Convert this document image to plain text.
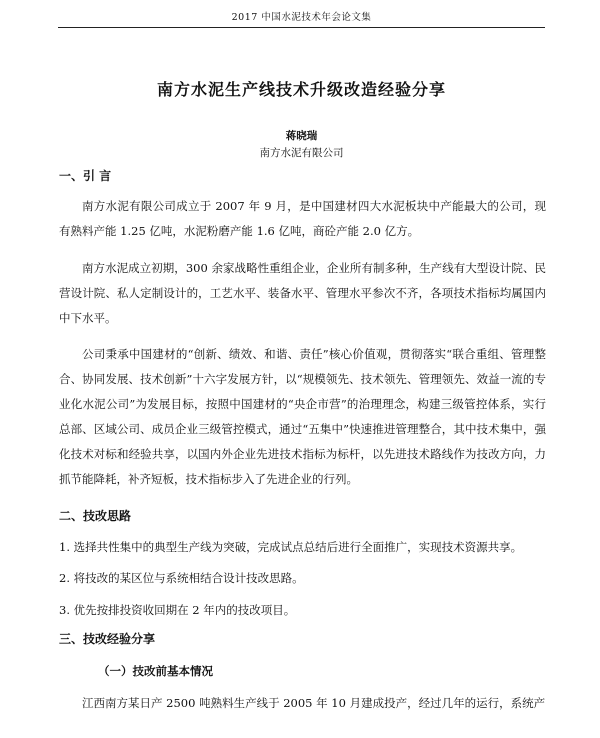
2017 中国水泥技术年会论文集
南方水泥生产线技术升级改造经验分享
蒋晓瑞
南方水泥有限公司
一、引 言

南方水泥有限公司成立于 2007 年 9 月，是中国建材四大水泥板块中产能最大的公司，现有熟料产能 1.25 亿吨，水泥粉磨产能 1.6 亿吨，商砼产能 2.0 亿方。

南方水泥成立初期，300 余家战略性重组企业，企业所有制多种，生产线有大型设计院、民营设计院、私人定制设计的，工艺水平、装备水平、管理水平参次不齐，各项技术指标均属国内中下水平。

公司秉承中国建材的“创新、绩效、和谐、责任”核心价值观，贯彻落实“联合重组、管理整合、协同发展、技术创新”十六字发展方针，以“规模领先、技术领先、管理领先、效益一流的专业化水泥公司”为发展目标，按照中国建材的“央企市营”的治理理念，构建三级管控体系，实行总部、区域公司、成员企业三级管控模式，通过“五集中”快速推进管理整合，其中技术集中，强化技术对标和经验共享，以国内外企业先进技术指标为标杆，以先进技术路线作为技改方向，力抓节能降耗，补齐短板，技术指标步入了先进企业的行列。

二、技改思路

1. 选择共性集中的典型生产线为突破，完成试点总结后进行全面推广，实现技术资源共享。

2. 将技改的某区位与系统相结合设计技改思路。

3. 优先按排投资收回期在 2 年内的技改项目。

三、技改经验分享
（一）技改前基本情况

江西南方某日产 2500 吨熟料生产线于 2005 年 10 月建成投产，经过几年的运行，系统产
